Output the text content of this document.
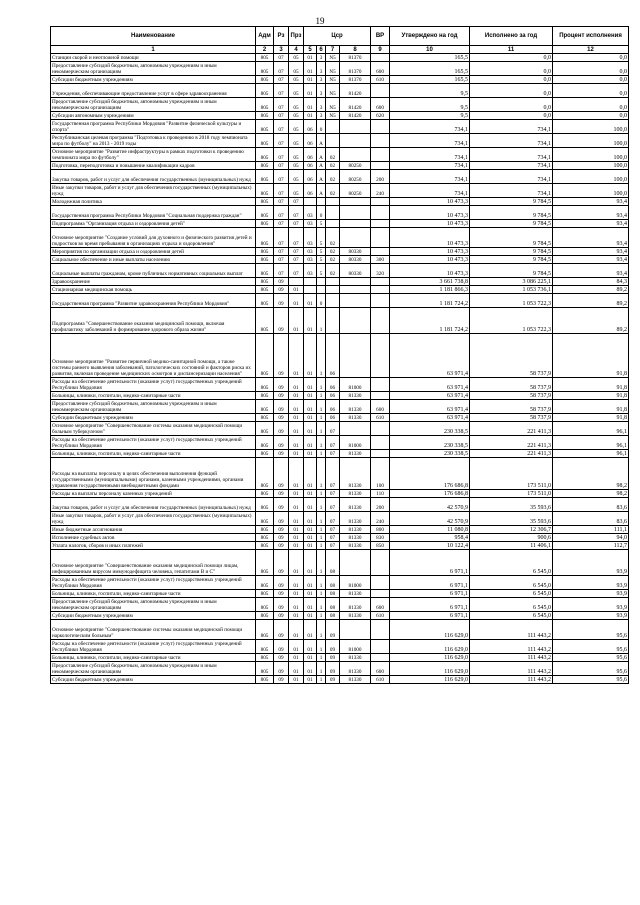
19
Наименование	Адм	Рз	Прз	Цср				ВР	Утверждено на год	Исполнено за год	Процент исполнения
1	2	3	4	5	6	7	8	9	10	11	12
Станции скорой и неотложной помощи	805	07	05	01	3	N5	81370		165,5	0,0	0,0
Предоставление субсидий бюджетным, автономным учреждениям и иным некоммерческим организациям	805	07	05	01	3	N5	81370	600	165,5	0,0	0,0
Субсидии бюджетным учреждениям	805	07	05	01	3	N5	81370	610	165,5	0,0	0,0
Учреждения, обеспечивающие предоставление услуг в сфере здравоохранения	805	07	05	01	3	N5	81420		9,5	0,0	0,0
Предоставление субсидий бюджетным, автономным учреждениям и иным некоммерческим организациям	805	07	05	01	3	N5	81420	600	9,5	0,0	0,0
Субсидии автономным учреждениям	805	07	05	01	3	N5	81420	620	9,5	0,0	0,0
Государственная программа Республики Мордовия "Развитие физической культуры и спорта"	805	07	05	06	0				734,1	734,1	100,0
Республиканская целевая программа "Подготовка к проведению в 2018 году чемпионата мира по футболу" на 2013 - 2019 годы	805	07	05	06	А				734,1	734,1	100,0
Основное мероприятие "Развитие инфраструктуры в рамках подготовки к проведению чемпионата мира по футболу"	805	07	05	06	А	02			734,1	734,1	100,0
Подготовка, переподготовка и повышение квалификации кадров	805	07	05	06	А	02	80250		734,1	734,1	100,0
Закупка товаров, работ и услуг для обеспечения государственных (муниципальных) нужд	805	07	05	06	А	02	80250	200	734,1	734,1	100,0
Иные закупки товаров, работ и услуг для обеспечения государственных (муниципальных) нужд	805	07	05	06	А	02	80250	240	734,1	734,1	100,0
Молодежная политика	805	07	07						10 473,3	9 784,5	93,4
Государственная программа Республики Мордовия "Социальная поддержка граждан"	805	07	07	03	0				10 473,3	9 784,5	93,4
Подпрограмма "Организация отдыха и оздоровления детей"	805	07	07	03	5				10 473,3	9 784,5	93,4
Основное мероприятие "Создание условий для духовного и физического развития детей и подростков во время пребывания в организациях отдыха и оздоровления"	805	07	07	03	5	02			10 473,3	9 784,5	93,4
Мероприятия по организации отдыха и оздоровления детей	805	07	07	03	5	02	80330		10 473,3	9 784,5	93,4
Социальное обеспечение и иные выплаты населению	805	07	07	03	5	02	80330	300	10 473,3	9 784,5	93,4
Социальные выплаты гражданам, кроме публичных нормативных социальных выплат	805	07	07	03	5	02	80330	320	10 473,3	9 784,5	93,4
Здравоохранение	805	09							3 661 738,8	3 086 225,1	84,3
Стационарная медицинская помощь	805	09	01						1 181 866,3	1 053 736,1	89,2
Государственная программа "Развитие здравоохранения Республики Мордовия"	805	09	01	01	0				1 181 724,2	1 053 722,3	89,2
Подпрограмма "Совершенствование оказания медицинской помощи, включая профилактику заболеваний и формирование здорового образа жизни"	805	09	01	01	1				1 181 724,2	1 053 722,3	89,2
Основное мероприятие "Развитие первичной медико-санитарной помощи, а также системы раннего выявления заболеваний, патологических состояний и факторов риска их развития, включая проведение медицинских осмотров и диспансеризации населения"	805	09	01	01	1	06			63 971,4	58 737,9	91,8
Расходы на обеспечение деятельности (оказание услуг) государственных учреждений Республики Мордовия	805	09	01	01	1	06	81000		63 971,4	58 737,9	91,8
Больницы, клиники, госпитали, медико-санитарные части	805	09	01	01	1	06	81330		63 971,4	58 737,9	91,8
Предоставление субсидий бюджетным, автономным учреждениям и иным некоммерческим организациям	805	09	01	01	1	06	81330	600	63 971,4	58 737,9	91,8
Субсидии бюджетным учреждениям	805	09	01	01	1	06	81330	610	63 971,4	58 737,9	91,8
Основное мероприятие "Совершенствование системы оказания медицинской помощи больным туберкулезом"	805	09	01	01	1	07			230 338,5	221 411,3	96,1
Расходы на обеспечение деятельности (оказание услуг) государственных учреждений Республики Мордовия	805	09	01	01	1	07	81000		230 338,5	221 411,3	96,1
Больницы, клиники, госпитали, медико-санитарные части	805	09	01	01	1	07	81330		230 338,5	221 411,3	96,1
Расходы на выплаты персоналу в целях обеспечения выполнения функций государственными (муниципальными) органами, казенными учреждениями, органами управления государственными внебюджетными фондами	805	09	01	01	1	07	81330	100	176 686,8	173 511,0	98,2
Расходы на выплаты персоналу казенных учреждений	805	09	01	01	1	07	81330	110	176 686,8	173 511,0	98,2
Закупка товаров, работ и услуг для обеспечения государственных (муниципальных) нужд	805	09	01	01	1	07	81330	200	42 570,9	35 593,6	83,6
Иные закупки товаров, работ и услуг для обеспечения государственных (муниципальных) нужд	805	09	01	01	1	07	81330	240	42 570,9	35 593,6	83,6
Иные бюджетные ассигнования	805	09	01	01	1	07	81330	800	11 080,8	12 306,7	111,1
Исполнение судебных актов	805	09	01	01	1	07	81330	830	958,4	900,6	94,0
Уплата налогов, сборов и иных платежей	805	09	01	01	1	07	81330	850	10 122,4	11 406,1	112,7
Основное мероприятие "Совершенствование оказания медицинской помощи лицам, инфицированным вирусом иммунодефицита человека, гепатитами В и С"	805	09	01	01	1	08			6 971,1	6 545,0	93,9
Расходы на обеспечение деятельности (оказание услуг) государственных учреждений Республики Мордовия	805	09	01	01	1	08	81000		6 971,1	6 545,0	93,9
Больницы, клиники, госпитали, медико-санитарные части	805	09	01	01	1	08	81330		6 971,1	6 545,0	93,9
Предоставление субсидий бюджетным, автономным учреждениям и иным некоммерческим организациям	805	09	01	01	1	08	81330	600	6 971,1	6 545,0	93,9
Субсидии бюджетным учреждениям	805	09	01	01	1	08	81330	610	6 971,1	6 545,0	93,9
Основное мероприятие "Совершенствование системы оказания медицинской помощи наркологическим больным"	805	09	01	01	1	09			116 629,0	111 443,2	95,6
Расходы на обеспечение деятельности (оказание услуг) государственных учреждений Республики Мордовия	805	09	01	01	1	09	81000		116 629,0	111 443,2	95,6
Больницы, клиники, госпитали, медико-санитарные части	805	09	01	01	1	09	81330		116 629,0	111 443,2	95,6
Предоставление субсидий бюджетным, автономным учреждениям и иным некоммерческим организациям	805	09	01	01	1	09	81330	600	116 629,0	111 443,2	95,6
Субсидии бюджетным учреждениям	805	09	01	01	1	09	81330	610	116 629,0	111 443,2	95,6
